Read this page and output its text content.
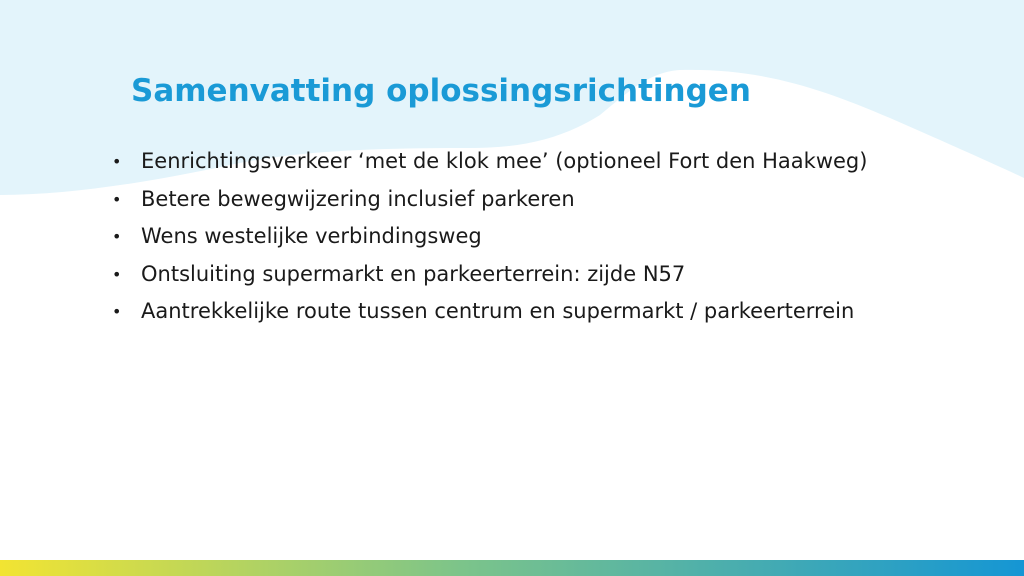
Samenvatting oplossingsrichtingen
• Eenrichtingsverkeer ‘met de klok mee’ (optioneel Fort den Haakweg)
• Betere bewegwijzering inclusief parkeren
• Wens westelijke verbindingsweg
• Ontsluiting supermarkt en parkeerterrein: zijde N57
• Aantrekkelijke route tussen centrum en supermarkt / parkeerterrein
